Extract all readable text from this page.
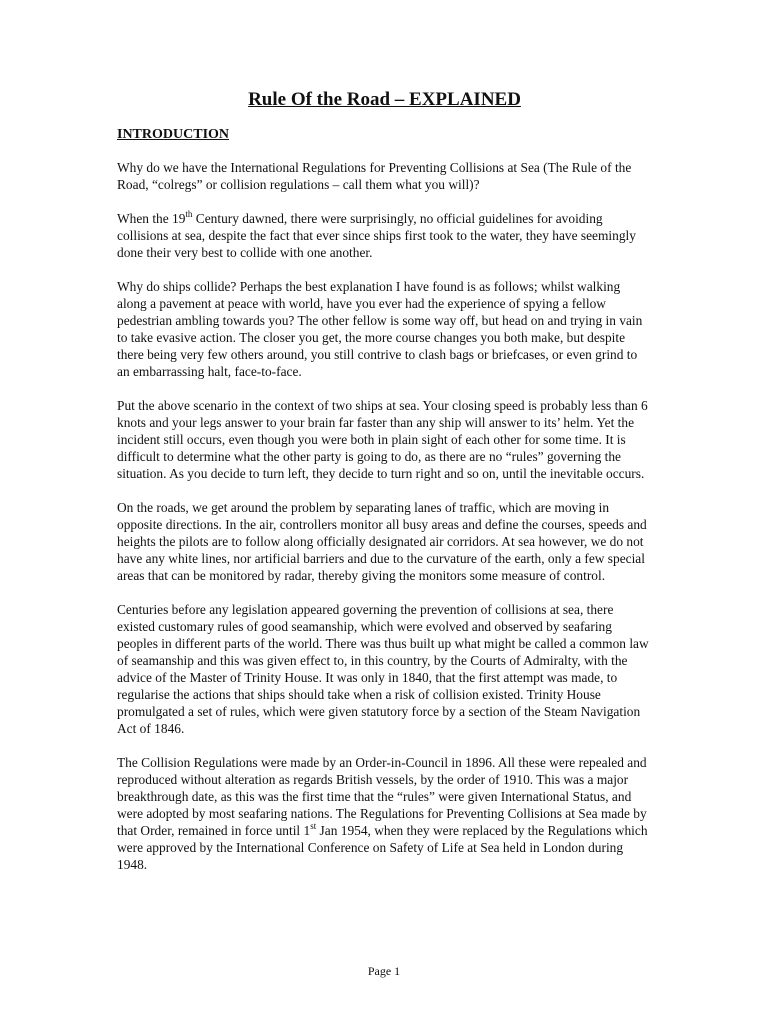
Rule Of the Road – EXPLAINED
INTRODUCTION

Why do we have the International Regulations for Preventing Collisions at Sea (The Rule of the Road, “colregs” or collision regulations – call them what you will)?

When the 19th Century dawned, there were surprisingly, no official guidelines for avoiding collisions at sea, despite the fact that ever since ships first took to the water, they have seemingly done their very best to collide with one another.

Why do ships collide? Perhaps the best explanation I have found is as follows; whilst walking along a pavement at peace with world, have you ever had the experience of spying a fellow pedestrian ambling towards you? The other fellow is some way off, but head on and trying in vain to take evasive action. The closer you get, the more course changes you both make, but despite there being very few others around, you still contrive to clash bags or briefcases, or even grind to an embarrassing halt, face-to-face.

Put the above scenario in the context of two ships at sea. Your closing speed is probably less than 6 knots and your legs answer to your brain far faster than any ship will answer to its’ helm. Yet the incident still occurs, even though you were both in plain sight of each other for some time. It is difficult to determine what the other party is going to do, as there are no “rules” governing the situation. As you decide to turn left, they decide to turn right and so on, until the inevitable occurs.

On the roads, we get around the problem by separating lanes of traffic, which are moving in opposite directions. In the air, controllers monitor all busy areas and define the courses, speeds and heights the pilots are to follow along officially designated air corridors. At sea however, we do not have any white lines, nor artificial barriers and due to the curvature of the earth, only a few special areas that can be monitored by radar, thereby giving the monitors some measure of control.

Centuries before any legislation appeared governing the prevention of collisions at sea, there existed customary rules of good seamanship, which were evolved and observed by seafaring peoples in different parts of the world. There was thus built up what might be called a common law of seamanship and this was given effect to, in this country, by the Courts of Admiralty, with the advice of the Master of Trinity House. It was only in 1840, that the first attempt was made, to regularise the actions that ships should take when a risk of collision existed. Trinity House promulgated a set of rules, which were given statutory force by a section of the Steam Navigation Act of 1846.

The Collision Regulations were made by an Order-in-Council in 1896. All these were repealed and reproduced without alteration as regards British vessels, by the order of 1910. This was a major breakthrough date, as this was the first time that the “rules” were given International Status, and were adopted by most seafaring nations. The Regulations for Preventing Collisions at Sea made by that Order, remained in force until 1st Jan 1954, when they were replaced by the Regulations which were approved by the International Conference on Safety of Life at Sea held in London during 1948.

Page 1
